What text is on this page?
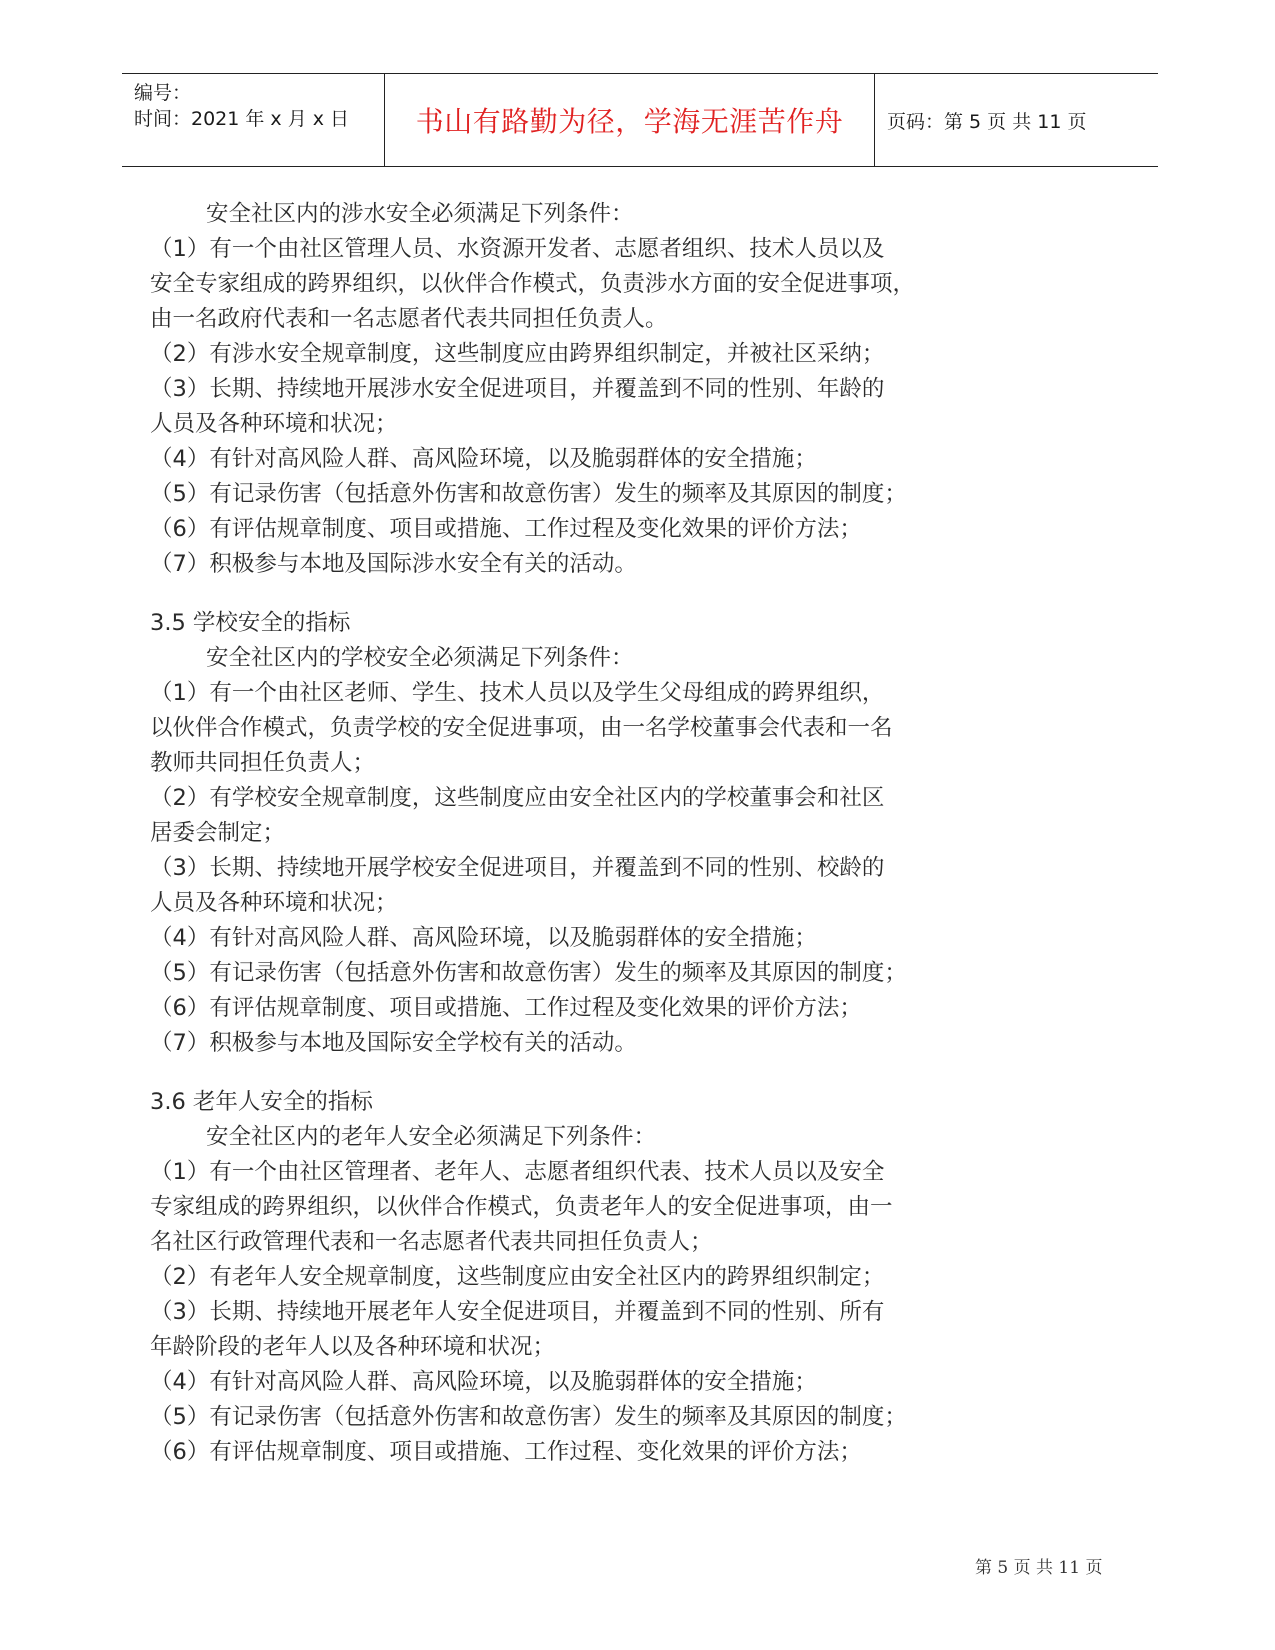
编号：
时间：2021 年 x 月 x 日 书山有路勤为径，学海无涯苦作舟	页码：第 5 页 共 11 页
安全社区内的涉水安全必须满足下列条件：
（1）有一个由社区管理人员、水资源开发者、志愿者组织、技术人员以及
安全专家组成的跨界组织，以伙伴合作模式，负责涉水方面的安全促进事项，
由一名政府代表和一名志愿者代表共同担任负责人。
（2）有涉水安全规章制度，这些制度应由跨界组织制定，并被社区采纳；
（3）长期、持续地开展涉水安全促进项目，并覆盖到不同的性别、年龄的
人员及各种环境和状况；
（4）有针对高风险人群、高风险环境，以及脆弱群体的安全措施；
（5）有记录伤害（包括意外伤害和故意伤害）发生的频率及其原因的制度；
（6）有评估规章制度、项目或措施、工作过程及变化效果的评价方法；
（7）积极参与本地及国际涉水安全有关的活动。
3.5 学校安全的指标
安全社区内的学校安全必须满足下列条件：
（1）有一个由社区老师、学生、技术人员以及学生父母组成的跨界组织，
以伙伴合作模式，负责学校的安全促进事项，由一名学校董事会代表和一名
教师共同担任负责人；
（2）有学校安全规章制度，这些制度应由安全社区内的学校董事会和社区
居委会制定；
（3）长期、持续地开展学校安全促进项目，并覆盖到不同的性别、校龄的
人员及各种环境和状况；
（4）有针对高风险人群、高风险环境，以及脆弱群体的安全措施；
（5）有记录伤害（包括意外伤害和故意伤害）发生的频率及其原因的制度；
（6）有评估规章制度、项目或措施、工作过程及变化效果的评价方法；
（7）积极参与本地及国际安全学校有关的活动。
3.6 老年人安全的指标
安全社区内的老年人安全必须满足下列条件：
（1）有一个由社区管理者、老年人、志愿者组织代表、技术人员以及安全
专家组成的跨界组织，以伙伴合作模式，负责老年人的安全促进事项，由一
名社区行政管理代表和一名志愿者代表共同担任负责人；
（2）有老年人安全规章制度，这些制度应由安全社区内的跨界组织制定；
（3）长期、持续地开展老年人安全促进项目，并覆盖到不同的性别、所有
年龄阶段的老年人以及各种环境和状况；
（4）有针对高风险人群、高风险环境，以及脆弱群体的安全措施；
（5）有记录伤害（包括意外伤害和故意伤害）发生的频率及其原因的制度；
（6）有评估规章制度、项目或措施、工作过程、变化效果的评价方法；
第 5 页 共 11 页
